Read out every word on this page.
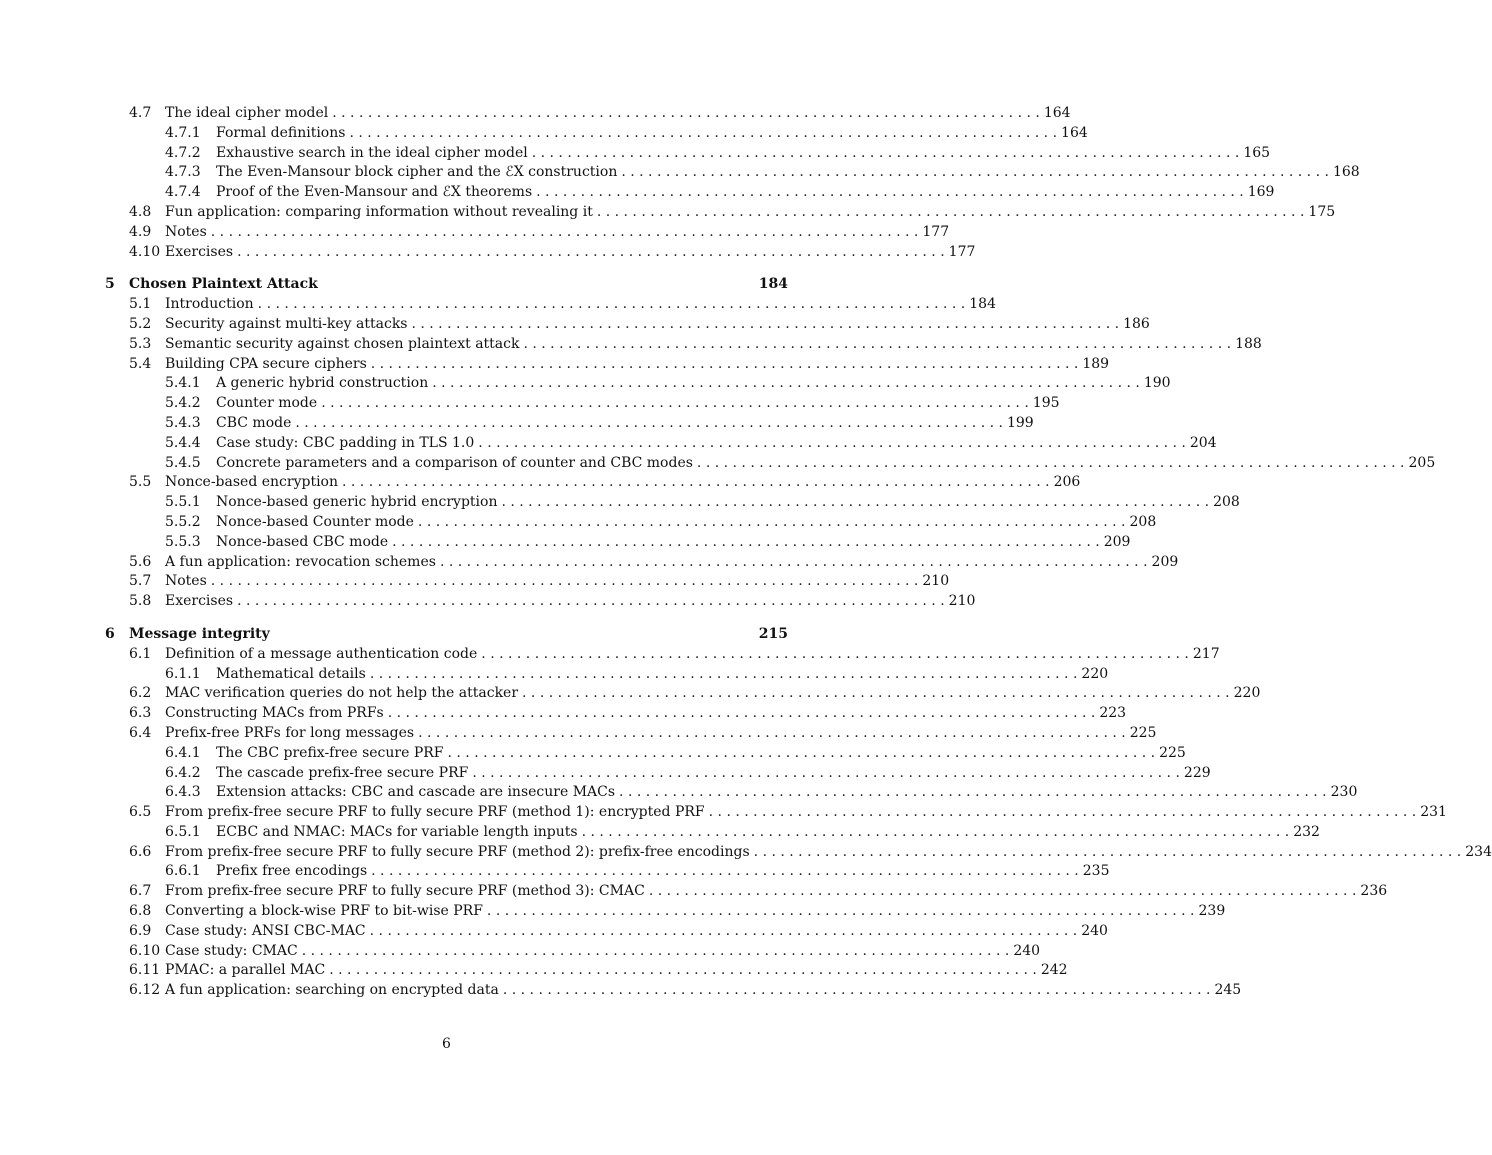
4.7 The ideal cipher model . . . . . . . . . . . . . . . . . . . . . . . . . . . . . . . . . . . . . . . . . . . . . . . . . . . . . . . . . . . . . . . . . . . . . . . . . . . . . . . . 164
4.7.1	Formal definitions . . . . . . . . . . . . . . . . . . . . . . . . . . . . . . . . . . . . . . . . . . . . . . . . . . . . . . . . . . . . . . . . . . . . . . . . . . . . . . . . 164
4.7.2	Exhaustive search in the ideal cipher model . . . . . . . . . . . . . . . . . . . . . . . . . . . . . . . . . . . . . . . . . . . . . . . . . . . . . . . . . . . . . . . . . . . . . . . . . . . . . . . . 165
4.7.3	The Even-Mansour block cipher and the ℰX construction . . . . . . . . . . . . . . . . . . . . . . . . . . . . . . . . . . . . . . . . . . . . . . . . . . . . . . . . . . . . . . . . . . . . . . . . . . . . . . . . 168
4.7.4	Proof of the Even-Mansour and ℰX theorems . . . . . . . . . . . . . . . . . . . . . . . . . . . . . . . . . . . . . . . . . . . . . . . . . . . . . . . . . . . . . . . . . . . . . . . . . . . . . . . . 169
4.8 Fun application: comparing information without revealing it . . . . . . . . . . . . . . . . . . . . . . . . . . . . . . . . . . . . . . . . . . . . . . . . . . . . . . . . . . . . . . . . . . . . . . . . . . . . . . . . 175
4.9 Notes . . . . . . . . . . . . . . . . . . . . . . . . . . . . . . . . . . . . . . . . . . . . . . . . . . . . . . . . . . . . . . . . . . . . . . . . . . . . . . . . 177
4.10 Exercises . . . . . . . . . . . . . . . . . . . . . . . . . . . . . . . . . . . . . . . . . . . . . . . . . . . . . . . . . . . . . . . . . . . . . . . . . . . . . . . . 177
5	Chosen Plaintext Attack	184
5.1 Introduction . . . . . . . . . . . . . . . . . . . . . . . . . . . . . . . . . . . . . . . . . . . . . . . . . . . . . . . . . . . . . . . . . . . . . . . . . . . . . . . . 184
5.2 Security against multi-key attacks . . . . . . . . . . . . . . . . . . . . . . . . . . . . . . . . . . . . . . . . . . . . . . . . . . . . . . . . . . . . . . . . . . . . . . . . . . . . . . . . 186
5.3 Semantic security against chosen plaintext attack . . . . . . . . . . . . . . . . . . . . . . . . . . . . . . . . . . . . . . . . . . . . . . . . . . . . . . . . . . . . . . . . . . . . . . . . . . . . . . . . 188
5.4 Building CPA secure ciphers . . . . . . . . . . . . . . . . . . . . . . . . . . . . . . . . . . . . . . . . . . . . . . . . . . . . . . . . . . . . . . . . . . . . . . . . . . . . . . . . 189
5.4.1	A generic hybrid construction . . . . . . . . . . . . . . . . . . . . . . . . . . . . . . . . . . . . . . . . . . . . . . . . . . . . . . . . . . . . . . . . . . . . . . . . . . . . . . . . 190
5.4.2	Counter mode . . . . . . . . . . . . . . . . . . . . . . . . . . . . . . . . . . . . . . . . . . . . . . . . . . . . . . . . . . . . . . . . . . . . . . . . . . . . . . . . 195
5.4.3	CBC mode . . . . . . . . . . . . . . . . . . . . . . . . . . . . . . . . . . . . . . . . . . . . . . . . . . . . . . . . . . . . . . . . . . . . . . . . . . . . . . . . 199
5.4.4	Case study: CBC padding in TLS 1.0 . . . . . . . . . . . . . . . . . . . . . . . . . . . . . . . . . . . . . . . . . . . . . . . . . . . . . . . . . . . . . . . . . . . . . . . . . . . . . . . . 204
5.4.5	Concrete parameters and a comparison of counter and CBC modes . . . . . . . . . . . . . . . . . . . . . . . . . . . . . . . . . . . . . . . . . . . . . . . . . . . . . . . . . . . . . . . . . . . . . . . . . . . . . . . . 205
5.5 Nonce-based encryption . . . . . . . . . . . . . . . . . . . . . . . . . . . . . . . . . . . . . . . . . . . . . . . . . . . . . . . . . . . . . . . . . . . . . . . . . . . . . . . . 206
5.5.1	Nonce-based generic hybrid encryption . . . . . . . . . . . . . . . . . . . . . . . . . . . . . . . . . . . . . . . . . . . . . . . . . . . . . . . . . . . . . . . . . . . . . . . . . . . . . . . . 208
5.5.2	Nonce-based Counter mode . . . . . . . . . . . . . . . . . . . . . . . . . . . . . . . . . . . . . . . . . . . . . . . . . . . . . . . . . . . . . . . . . . . . . . . . . . . . . . . . 208
5.5.3	Nonce-based CBC mode . . . . . . . . . . . . . . . . . . . . . . . . . . . . . . . . . . . . . . . . . . . . . . . . . . . . . . . . . . . . . . . . . . . . . . . . . . . . . . . . 209
5.6 A fun application: revocation schemes . . . . . . . . . . . . . . . . . . . . . . . . . . . . . . . . . . . . . . . . . . . . . . . . . . . . . . . . . . . . . . . . . . . . . . . . . . . . . . . . 209
5.7 Notes . . . . . . . . . . . . . . . . . . . . . . . . . . . . . . . . . . . . . . . . . . . . . . . . . . . . . . . . . . . . . . . . . . . . . . . . . . . . . . . . 210
5.8 Exercises . . . . . . . . . . . . . . . . . . . . . . . . . . . . . . . . . . . . . . . . . . . . . . . . . . . . . . . . . . . . . . . . . . . . . . . . . . . . . . . . 210
6	Message integrity	215
6.1 Definition of a message authentication code . . . . . . . . . . . . . . . . . . . . . . . . . . . . . . . . . . . . . . . . . . . . . . . . . . . . . . . . . . . . . . . . . . . . . . . . . . . . . . . . 217
6.1.1	Mathematical details . . . . . . . . . . . . . . . . . . . . . . . . . . . . . . . . . . . . . . . . . . . . . . . . . . . . . . . . . . . . . . . . . . . . . . . . . . . . . . . . 220
6.2 MAC verification queries do not help the attacker . . . . . . . . . . . . . . . . . . . . . . . . . . . . . . . . . . . . . . . . . . . . . . . . . . . . . . . . . . . . . . . . . . . . . . . . . . . . . . . . 220
6.3 Constructing MACs from PRFs . . . . . . . . . . . . . . . . . . . . . . . . . . . . . . . . . . . . . . . . . . . . . . . . . . . . . . . . . . . . . . . . . . . . . . . . . . . . . . . . 223
6.4 Prefix-free PRFs for long messages . . . . . . . . . . . . . . . . . . . . . . . . . . . . . . . . . . . . . . . . . . . . . . . . . . . . . . . . . . . . . . . . . . . . . . . . . . . . . . . . 225
6.4.1	The CBC prefix-free secure PRF . . . . . . . . . . . . . . . . . . . . . . . . . . . . . . . . . . . . . . . . . . . . . . . . . . . . . . . . . . . . . . . . . . . . . . . . . . . . . . . . 225
6.4.2	The cascade prefix-free secure PRF . . . . . . . . . . . . . . . . . . . . . . . . . . . . . . . . . . . . . . . . . . . . . . . . . . . . . . . . . . . . . . . . . . . . . . . . . . . . . . . . 229
6.4.3	Extension attacks: CBC and cascade are insecure MACs . . . . . . . . . . . . . . . . . . . . . . . . . . . . . . . . . . . . . . . . . . . . . . . . . . . . . . . . . . . . . . . . . . . . . . . . . . . . . . . . 230
6.5 From prefix-free secure PRF to fully secure PRF (method 1): encrypted PRF . . . . . . . . . . . . . . . . . . . . . . . . . . . . . . . . . . . . . . . . . . . . . . . . . . . . . . . . . . . . . . . . . . . . . . . . . . . . . . . . 231
6.5.1	ECBC and NMAC: MACs for variable length inputs . . . . . . . . . . . . . . . . . . . . . . . . . . . . . . . . . . . . . . . . . . . . . . . . . . . . . . . . . . . . . . . . . . . . . . . . . . . . . . . . 232
6.6 From prefix-free secure PRF to fully secure PRF (method 2): prefix-free encodings . . . . . . . . . . . . . . . . . . . . . . . . . . . . . . . . . . . . . . . . . . . . . . . . . . . . . . . . . . . . . . . . . . . . . . . . . . . . . . . . 234
6.6.1	Prefix free encodings . . . . . . . . . . . . . . . . . . . . . . . . . . . . . . . . . . . . . . . . . . . . . . . . . . . . . . . . . . . . . . . . . . . . . . . . . . . . . . . . 235
6.7 From prefix-free secure PRF to fully secure PRF (method 3): CMAC . . . . . . . . . . . . . . . . . . . . . . . . . . . . . . . . . . . . . . . . . . . . . . . . . . . . . . . . . . . . . . . . . . . . . . . . . . . . . . . . 236
6.8 Converting a block-wise PRF to bit-wise PRF . . . . . . . . . . . . . . . . . . . . . . . . . . . . . . . . . . . . . . . . . . . . . . . . . . . . . . . . . . . . . . . . . . . . . . . . . . . . . . . . 239
6.9 Case study: ANSI CBC-MAC . . . . . . . . . . . . . . . . . . . . . . . . . . . . . . . . . . . . . . . . . . . . . . . . . . . . . . . . . . . . . . . . . . . . . . . . . . . . . . . . 240
6.10 Case study: CMAC . . . . . . . . . . . . . . . . . . . . . . . . . . . . . . . . . . . . . . . . . . . . . . . . . . . . . . . . . . . . . . . . . . . . . . . . . . . . . . . . 240
6.11 PMAC: a parallel MAC . . . . . . . . . . . . . . . . . . . . . . . . . . . . . . . . . . . . . . . . . . . . . . . . . . . . . . . . . . . . . . . . . . . . . . . . . . . . . . . . 242
6.12 A fun application: searching on encrypted data . . . . . . . . . . . . . . . . . . . . . . . . . . . . . . . . . . . . . . . . . . . . . . . . . . . . . . . . . . . . . . . . . . . . . . . . . . . . . . . . 245
6
